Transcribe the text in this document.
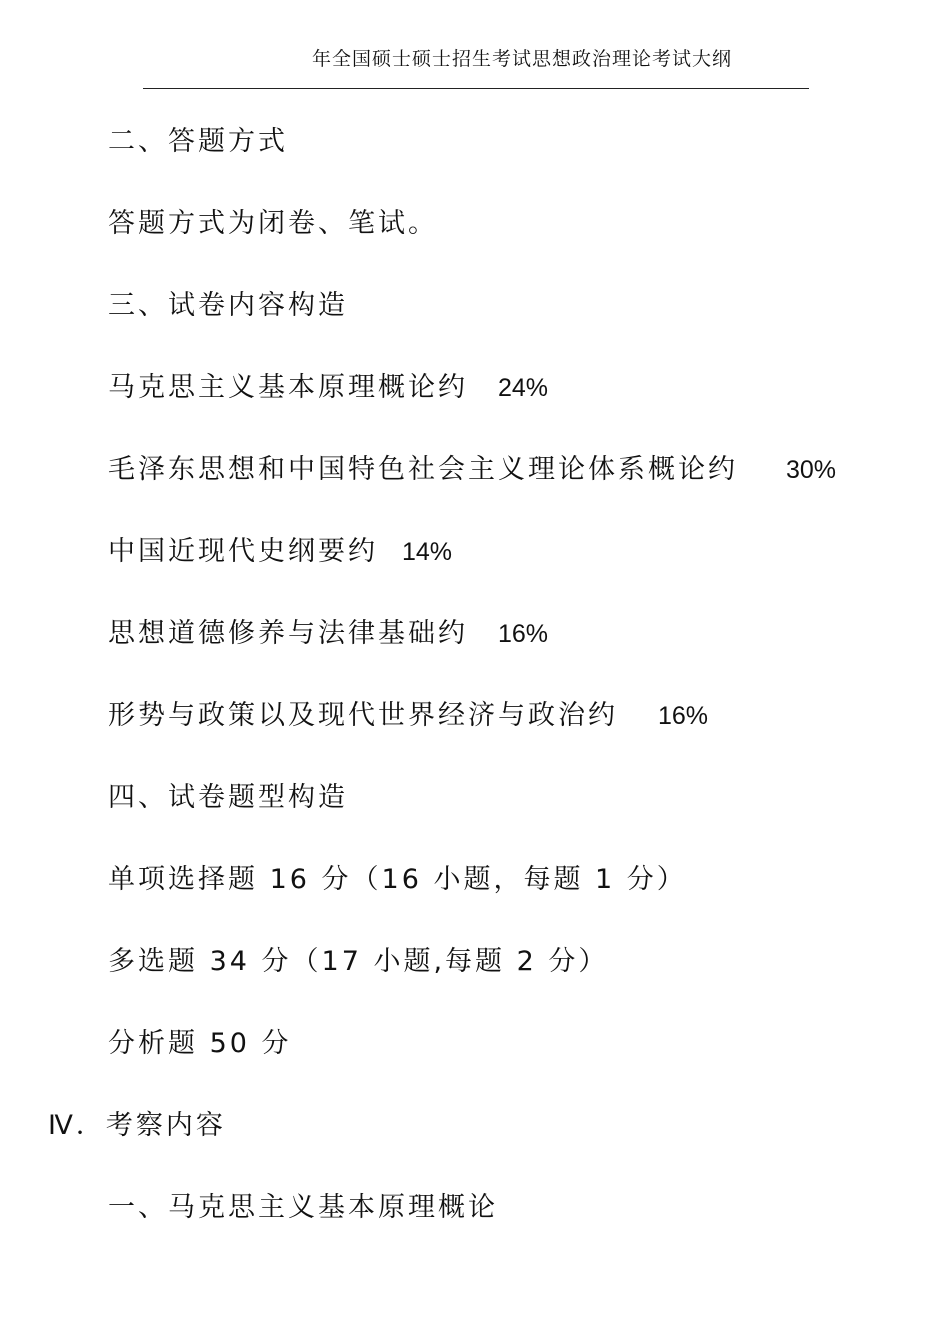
年全国硕士硕士招生考试思想政治理论考试大纲
二、答题方式
答题方式为闭卷、笔试。
三、试卷内容构造
马克思主义基本原理概论约 24%
毛泽东思想和中国特色社会主义理论体系概论约 30%
中国近现代史纲要约 14%
思想道德修养与法律基础约 16%
形势与政策以及现代世界经济与政治约 16%
四、试卷题型构造
单项选择题 16 分（16 小题，每题 1 分）
多选题 34 分（17 小题,每题 2 分）
分析题 50 分
Ⅳ．考察内容
一、马克思主义基本原理概论
